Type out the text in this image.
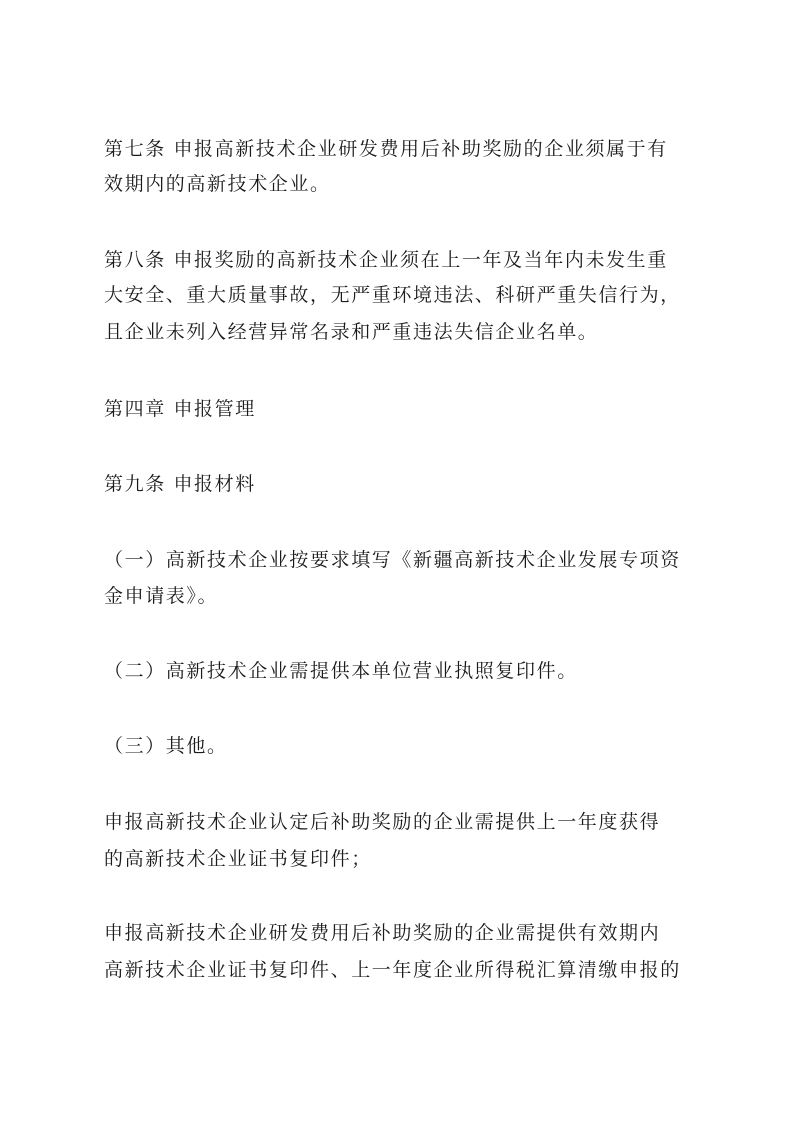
第七条 申报高新技术企业研发费用后补助奖励的企业须属于有
效期内的高新技术企业。
第八条 申报奖励的高新技术企业须在上一年及当年内未发生重
大安全、重大质量事故，无严重环境违法、科研严重失信行为，
且企业未列入经营异常名录和严重违法失信企业名单。
第四章 申报管理
第九条 申报材料
（一）高新技术企业按要求填写《新疆高新技术企业发展专项资
金申请表》。
（二）高新技术企业需提供本单位营业执照复印件。
（三）其他。
申报高新技术企业认定后补助奖励的企业需提供上一年度获得
的高新技术企业证书复印件；
申报高新技术企业研发费用后补助奖励的企业需提供有效期内
高新技术企业证书复印件、上一年度企业所得税汇算清缴申报的
